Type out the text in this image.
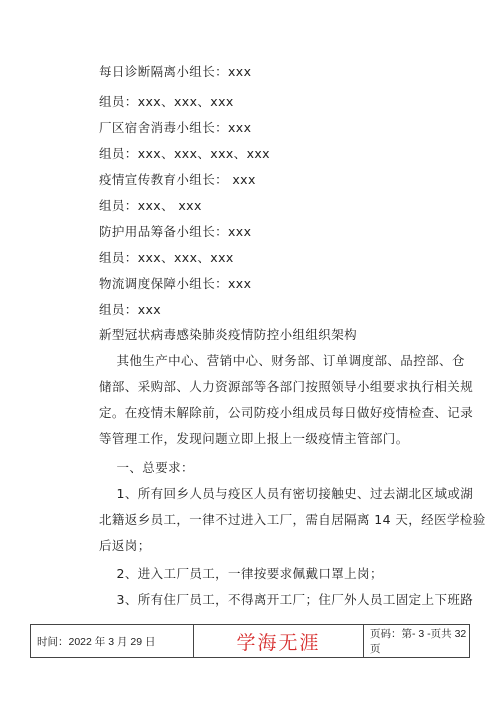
每日诊断隔离小组长：xxx
组员：xxx、xxx、xxx
厂区宿舍消毒小组长：xxx
组员：xxx、xxx、xxx、xxx
疫情宣传教育小组长： xxx
组员：xxx、 xxx
防护用品筹备小组长：xxx
组员：xxx、xxx、xxx
物流调度保障小组长：xxx
组员：xxx
新型冠状病毒感染肺炎疫情防控小组组织架构
其他生产中心、营销中心、财务部、订单调度部、品控部、仓
储部、采购部、人力资源部等各部门按照领导小组要求执行相关规
定。在疫情未解除前，公司防疫小组成员每日做好疫情检查、记录
等管理工作，发现问题立即上报上一级疫情主管部门。
一、总要求：
1、所有回乡人员与疫区人员有密切接触史、过去湖北区域或湖
北籍返乡员工，一律不过进入工厂，需自居隔离 14 天，经医学检验
后返岗；
2、进入工厂员工，一律按要求佩戴口罩上岗；
3、所有住厂员工，不得离开工厂；住厂外人员工固定上下班路
时间：2022 年 3 月 29 日	学海无涯	页码：第- 3 -页共 32 页
